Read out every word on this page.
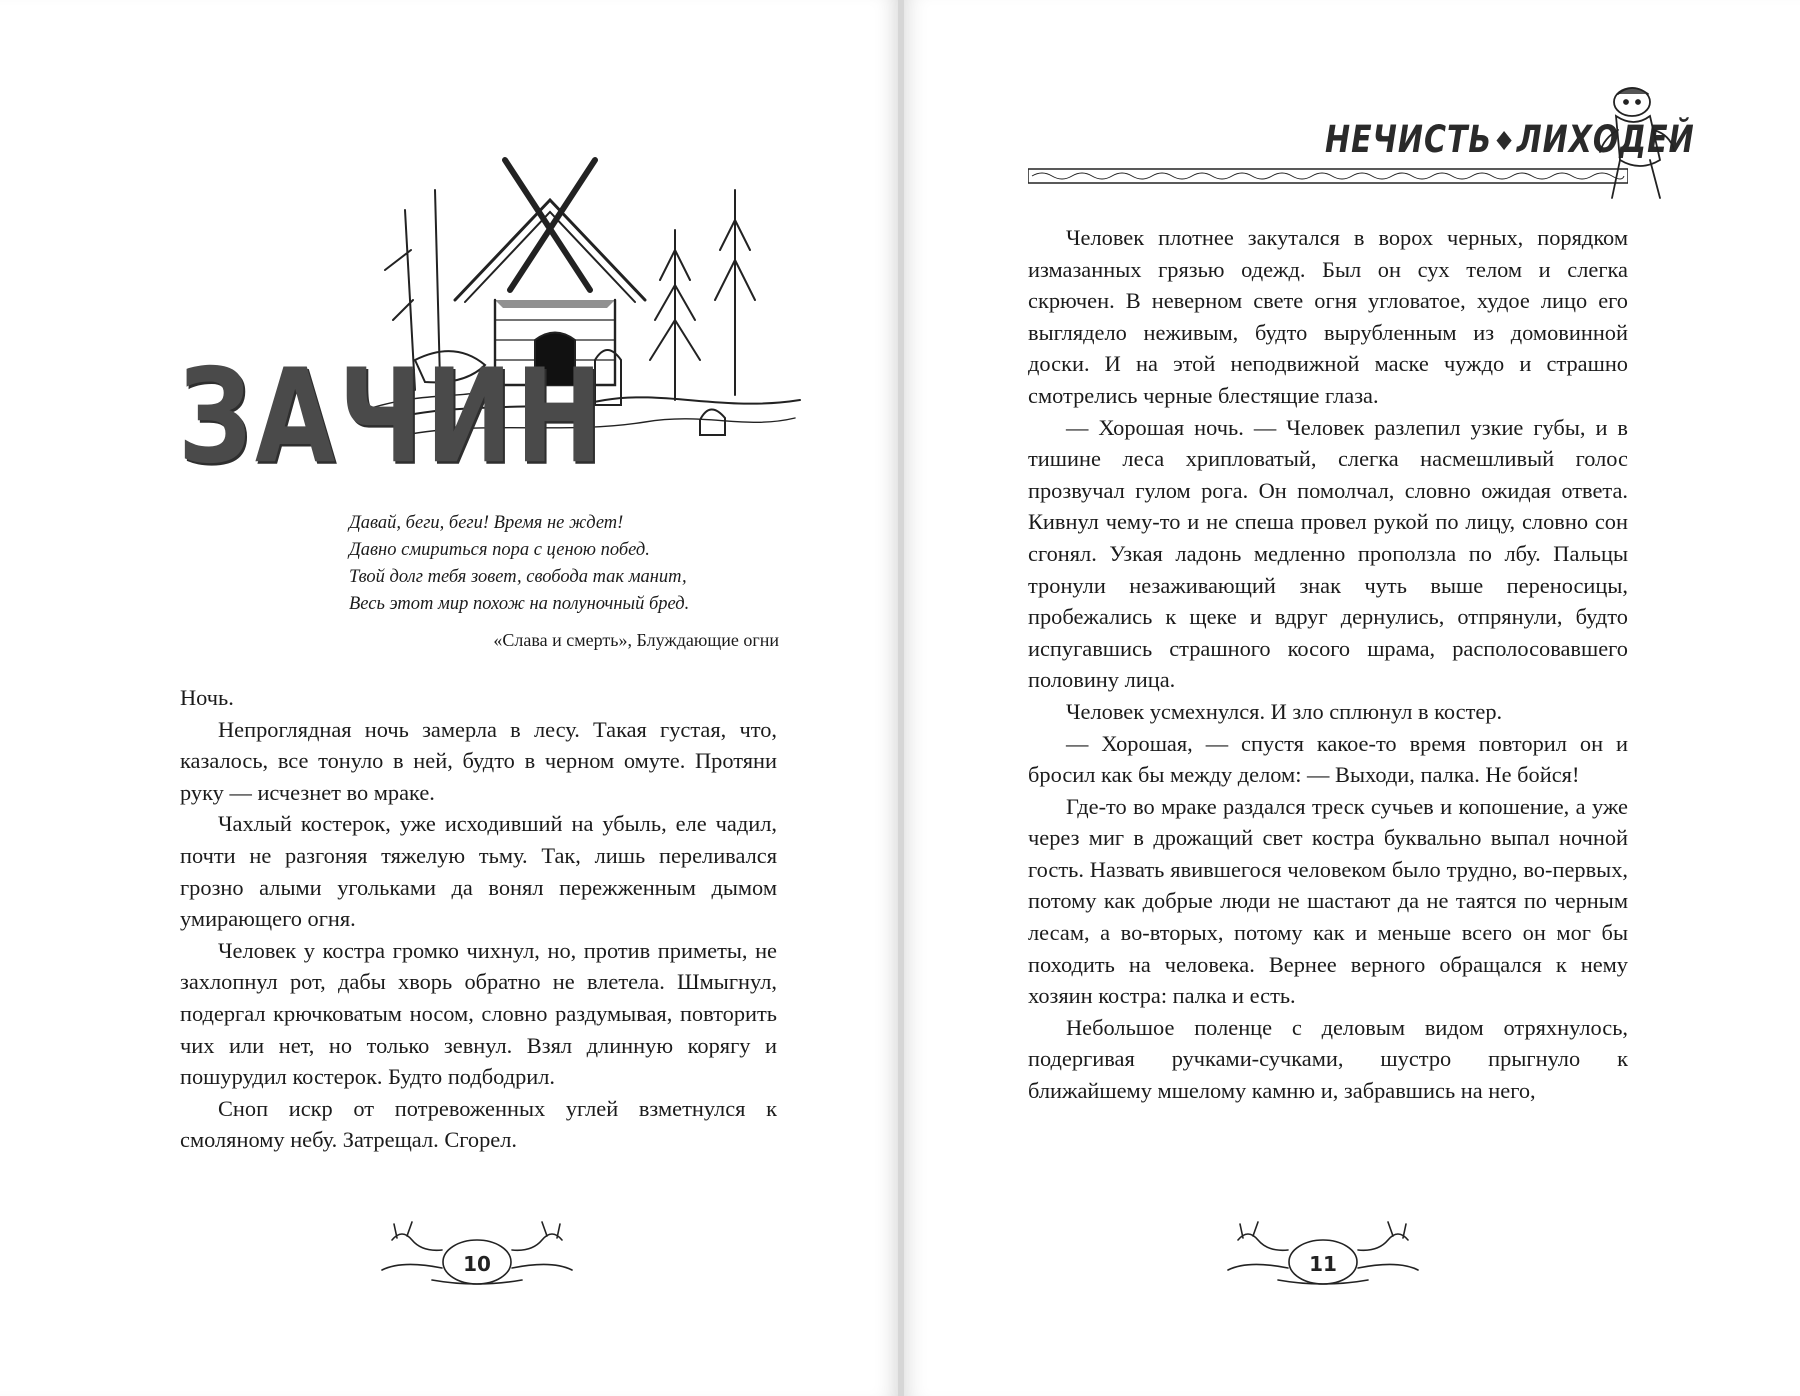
ЗАЧИН
Давай, беги, беги! Время не ждет!
Давно смириться пора с ценою побед.
Твой долг тебя зовет, свобода так манит,
Весь этот мир похож на полуночный бред.
«Слава и смерть», Блуждающие огни

Ночь.

Непроглядная ночь замерла в лесу. Такая густая, что, казалось, все тонуло в ней, будто в черном омуте. Протяни руку — исчезнет во мраке.

Чахлый костерок, уже исходивший на убыль, еле чадил, почти не разгоняя тяжелую тьму. Так, лишь переливался грозно алыми угольками да вонял пережженным дымом умирающего огня.

Человек у костра громко чихнул, но, против приметы, не захлопнул рот, дабы хворь обратно не влетела. Шмыгнул, подергал крючковатым носом, словно раздумывая, повторить чих или нет, но только зевнул. Взял длинную корягу и пошурудил костерок. Будто подбодрил.

Сноп искр от потревоженных углей взметнулся к смоляному небу. Затрещал. Сгорел.

10
НЕЧИСТЬ ◆ ЛИХОДЕЙ

Человек плотнее закутался в ворох черных, порядком измазанных грязью одежд. Был он сух телом и слегка скрючен. В неверном свете огня угловатое, худое лицо его выглядело неживым, будто вырубленным из домовинной доски. И на этой неподвижной маске чуждо и страшно смотрелись черные блестящие глаза.

— Хорошая ночь. — Человек разлепил узкие губы, и в тишине леса хрипловатый, слегка насмешливый голос прозвучал гулом рога. Он помолчал, словно ожидая ответа. Кивнул чему-то и не спеша провел рукой по лицу, словно сон сгонял. Узкая ладонь медленно проползла по лбу. Пальцы тронули незаживающий знак чуть выше переносицы, пробежались к щеке и вдруг дернулись, отпрянули, будто испугавшись страшного косого шрама, располосовавшего половину лица.

Человек усмехнулся. И зло сплюнул в костер.

— Хорошая, — спустя какое-то время повторил он и бросил как бы между делом: — Выходи, палка. Не бойся!

Где-то во мраке раздался треск сучьев и копошение, а уже через миг в дрожащий свет костра буквально выпал ночной гость. Назвать явившегося человеком было трудно, во-первых, потому как добрые люди не шастают да не таятся по черным лесам, а во-вторых, потому как и меньше всего он мог бы походить на человека. Вернее верного обращался к нему хозяин костра: палка и есть.

Небольшое поленце с деловым видом отряхнулось, подергивая ручками-сучками, шустро прыгнуло к ближайшему мшелому камню и, забравшись на него,

11
